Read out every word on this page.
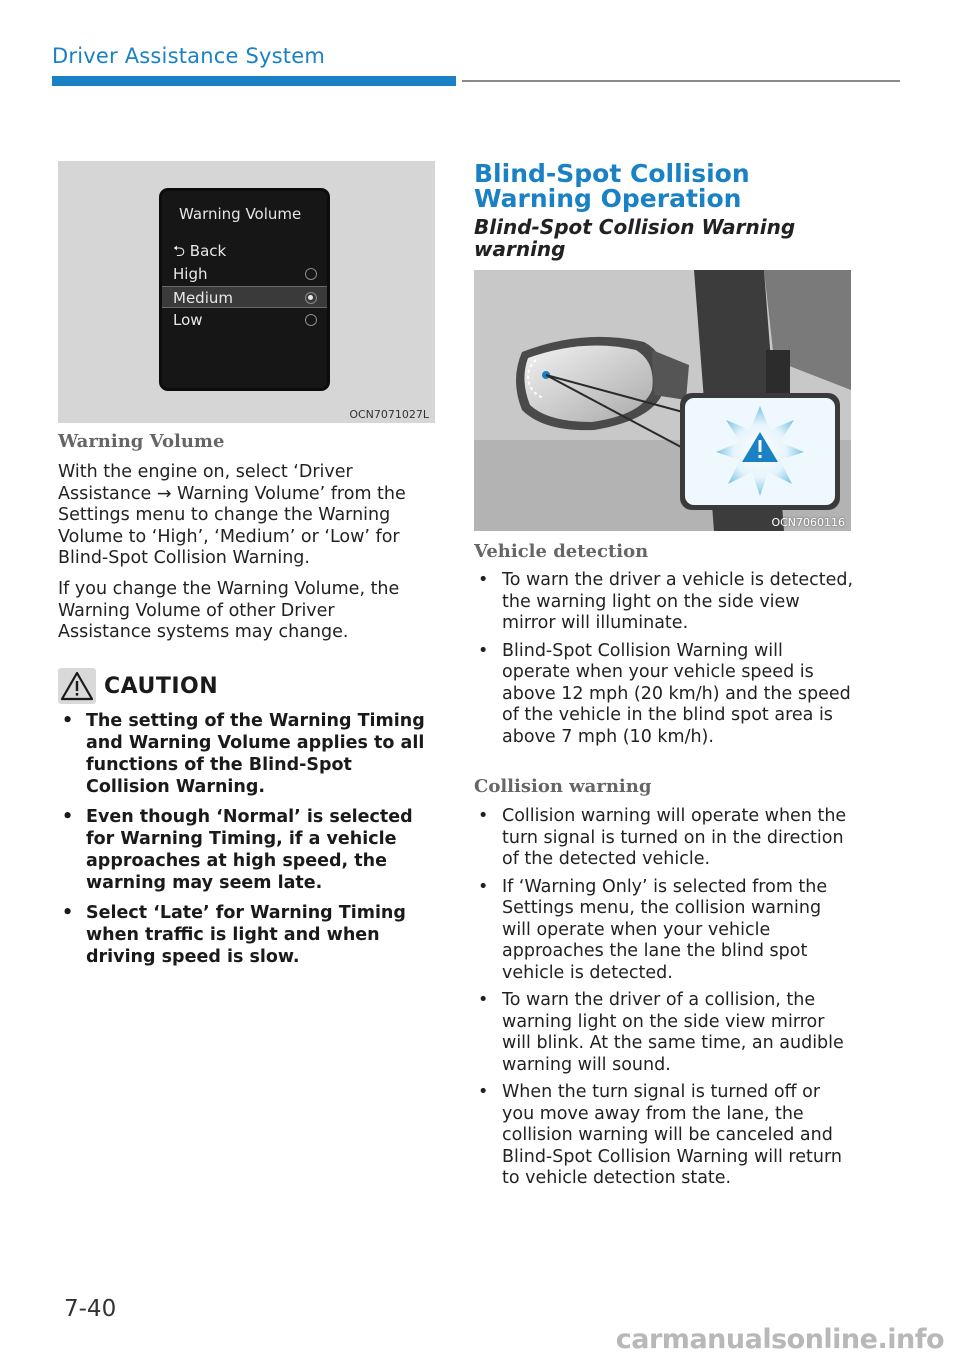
Driver Assistance System
Warning Volume
⮌ Back
High
Medium
Low
OCN7071027L
Warning Volume

With the engine on, select ‘Driver Assistance → Warning Volume’ from the Settings menu to change the Warning Volume to ‘High’, ‘Medium’ or ‘Low’ for Blind-Spot Collision Warning.

If you change the Warning Volume, the Warning Volume of other Driver Assistance systems may change.

CAUTION
• The setting of the Warning Timing and Warning Volume applies to all functions of the Blind-Spot Collision Warning.
• Even though ‘Normal’ is selected for Warning Timing, if a vehicle approaches at high speed, the warning may seem late.
• Select ‘Late’ for Warning Timing when traffic is light and when driving speed is slow.
Blind-Spot Collision Warning Operation
Blind-Spot Collision Warning warning
OCN7060116
Vehicle detection
• To warn the driver a vehicle is detected, the warning light on the side view mirror will illuminate.
• Blind-Spot Collision Warning will operate when your vehicle speed is above 12 mph (20 km/h) and the speed of the vehicle in the blind spot area is above 7 mph (10 km/h).
Collision warning
• Collision warning will operate when the turn signal is turned on in the direction of the detected vehicle.
• If ‘Warning Only’ is selected from the Settings menu, the collision warning will operate when your vehicle approaches the lane the blind spot vehicle is detected.
• To warn the driver of a collision, the warning light on the side view mirror will blink. At the same time, an audible warning will sound.
• When the turn signal is turned off or you move away from the lane, the collision warning will be canceled and Blind-Spot Collision Warning will return to vehicle detection state.
7-40
carmanualsonline.info
